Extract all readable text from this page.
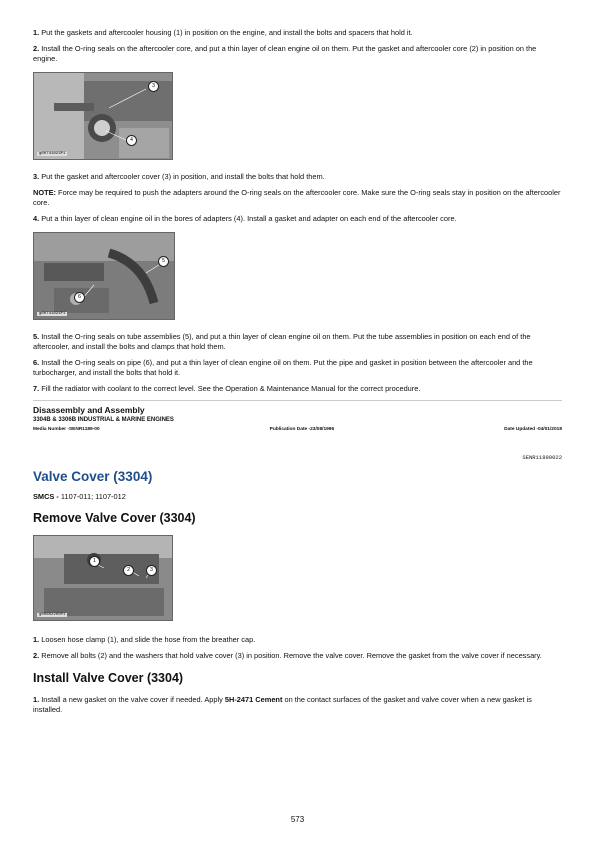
1. Put the gaskets and aftercooler housing (1) in position on the engine, and install the bolts and spacers that hold it.

2. Install the O-ring seals on the aftercooler core, and put a thin layer of clean engine oil on them. Put the gasket and aftercooler core (2) in position on the engine.

3
4
g00741823P1

3. Put the gasket and aftercooler cover (3) in position, and install the bolts that hold them.

NOTE: Force may be required to push the adapters around the O-ring seals on the aftercooler core. Make sure the O-ring seals stay in position on the aftercooler core.

4. Put a thin layer of clean engine oil in the bores of adapters (4). Install a gasket and adapter on each end of the aftercooler core.

5
6
g00741824P1

5. Install the O-ring seals on tube assemblies (5), and put a thin layer of clean engine oil on them. Put the tube assemblies in position on each end of the aftercooler, and install the bolts and clamps that hold them.

6. Install the O-ring seals on pipe (6), and put a thin layer of clean engine oil on them. Put the pipe and gasket in position between the aftercooler and the turbocharger, and install the bolts that hold it.

7. Fill the radiator with coolant to the correct level. See the Operation & Maintenance Manual for the correct procedure.

Disassembly and Assembly

3304B & 3306B INDUSTRIAL & MARINE ENGINES

Media Number -SENR1189-00	Publication Date -23/08/1996	Date Updated -04/01/2018
SENR11890022
Valve Cover (3304)

SMCS - 1107-011; 1107-012

Remove Valve Cover (3304)
1
2	3
g00602200P1

1. Loosen hose clamp (1), and slide the hose from the breather cap.

2. Remove all bolts (2) and the washers that hold valve cover (3) in position. Remove the valve cover. Remove the gasket from the valve cover if necessary.

Install Valve Cover (3304)

1. Install a new gasket on the valve cover if needed. Apply 5H-2471 Cement on the contact surfaces of the gasket and valve cover when a new gasket is installed.

573
